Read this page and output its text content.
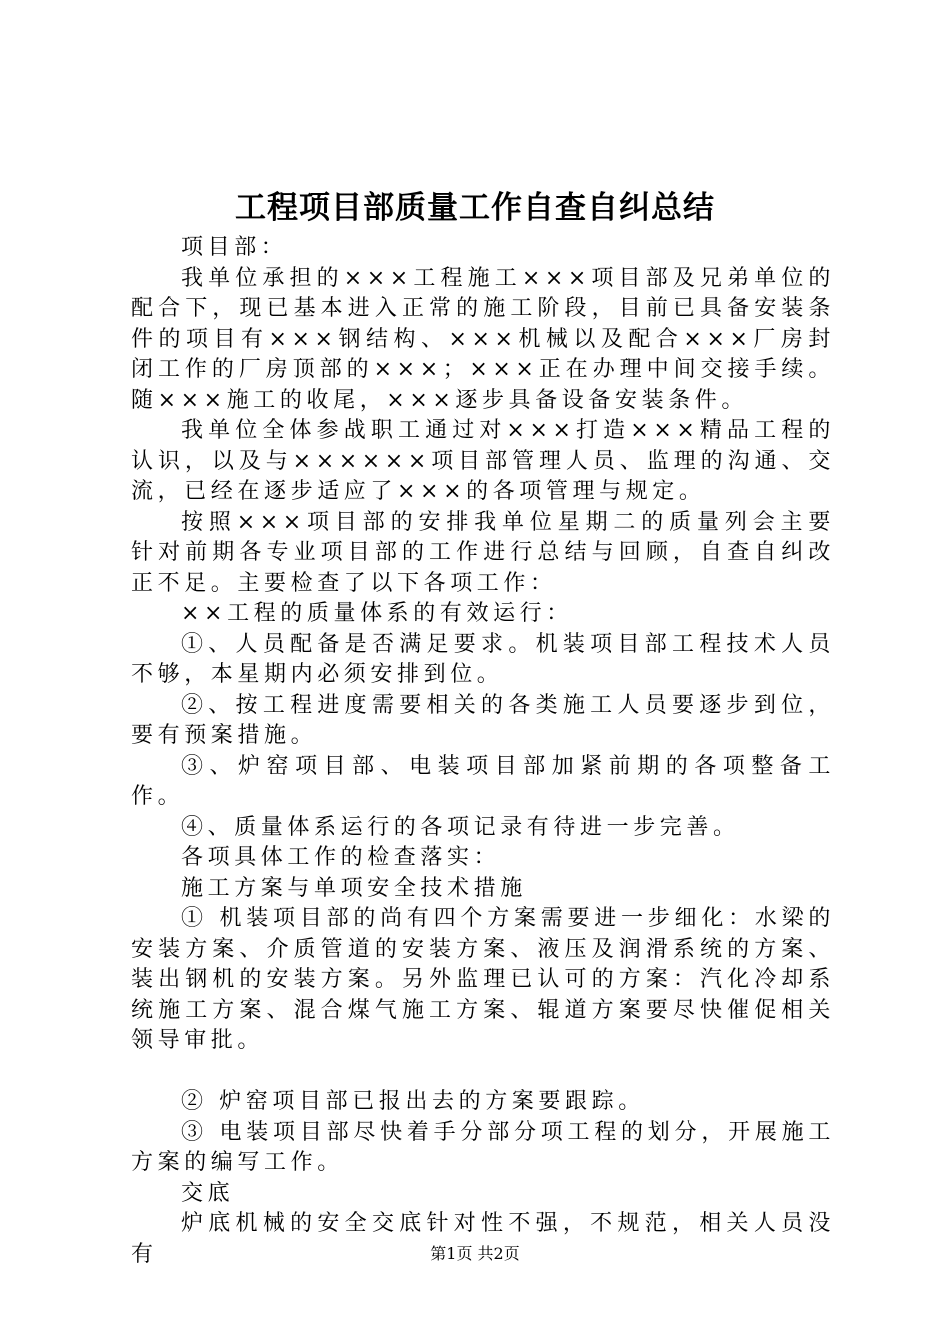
工程项目部质量工作自查自纠总结

项目部：

我单位承担的×××工程施工×××项目部及兄弟单位的配合下，现已基本进入正常的施工阶段，目前已具备安装条件的项目有×××钢结构、×××机械以及配合×××厂房封闭工作的厂房顶部的×××；×××正在办理中间交接手续。随×××施工的收尾，×××逐步具备设备安装条件。

我单位全体参战职工通过对×××打造×××精品工程的认识，以及与××××××项目部管理人员、监理的沟通、交流，已经在逐步适应了×××的各项管理与规定。

按照×××项目部的安排我单位星期二的质量列会主要针对前期各专业项目部的工作进行总结与回顾，自查自纠改正不足。主要检查了以下各项工作：

××工程的质量体系的有效运行：

①、人员配备是否满足要求。机装项目部工程技术人员不够，本星期内必须安排到位。

②、按工程进度需要相关的各类施工人员要逐步到位，要有预案措施。

③、炉窑项目部、电装项目部加紧前期的各项整备工作。

④、质量体系运行的各项记录有待进一步完善。

各项具体工作的检查落实：

施工方案与单项安全技术措施

① 机装项目部的尚有四个方案需要进一步细化：水梁的安装方案、介质管道的安装方案、液压及润滑系统的方案、装出钢机的安装方案。另外监理已认可的方案：汽化冷却系统施工方案、混合煤气施工方案、辊道方案要尽快催促相关领导审批。

② 炉窑项目部已报出去的方案要跟踪。

③ 电装项目部尽快着手分部分项工程的划分，开展施工方案的编写工作。

交底

炉底机械的安全交底针对性不强，不规范，相关人员没有	第1页 共2页
